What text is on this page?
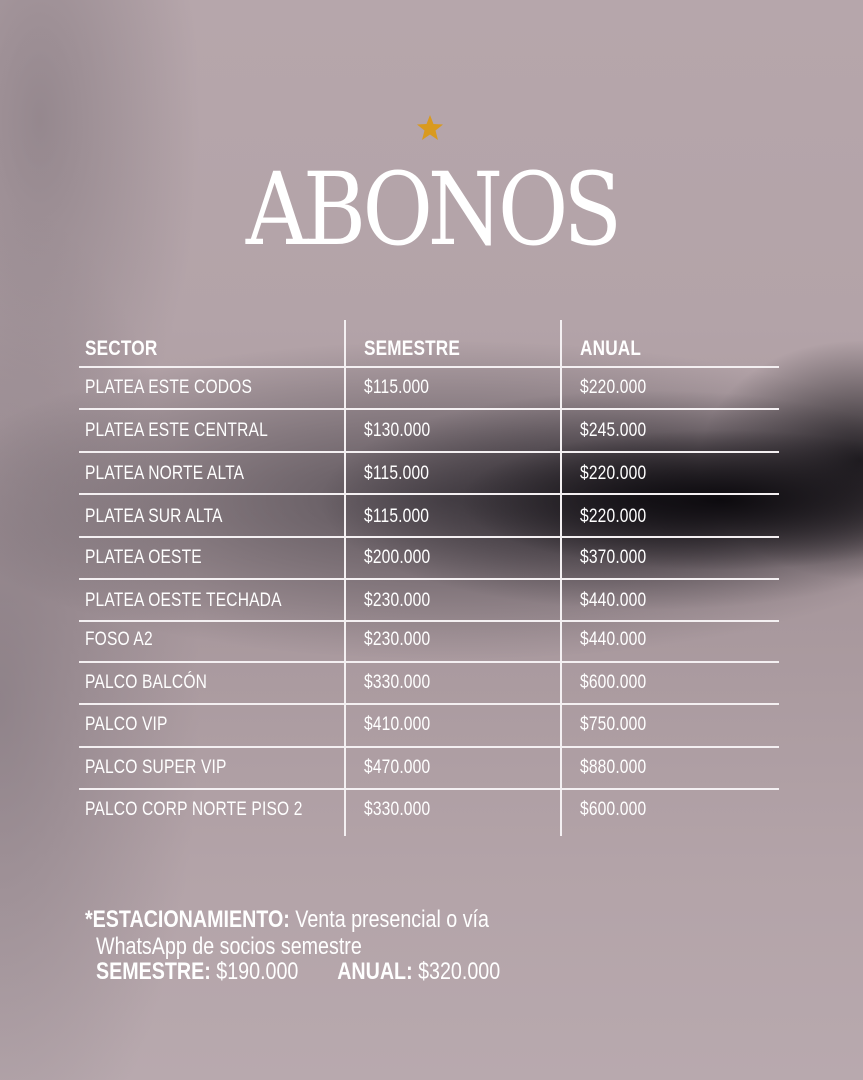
ABONOS
SECTOR	SEMESTRE	ANUAL
PLATEA ESTE CODOS	$115.000	$220.000
PLATEA ESTE CENTRAL	$130.000	$245.000
PLATEA NORTE ALTA	$115.000	$220.000
PLATEA SUR ALTA	$115.000	$220.000
PLATEA OESTE	$200.000	$370.000
PLATEA OESTE TECHADA	$230.000	$440.000
FOSO A2	$230.000	$440.000
PALCO BALCÓN	$330.000	$600.000
PALCO VIP	$410.000	$750.000
PALCO SUPER VIP	$470.000	$880.000
PALCO CORP NORTE PISO 2	$330.000	$600.000
*ESTACIONAMIENTO: Venta presencial o vía
WhatsApp de socios semestre
SEMESTRE: $190.000 ANUAL: $320.000
